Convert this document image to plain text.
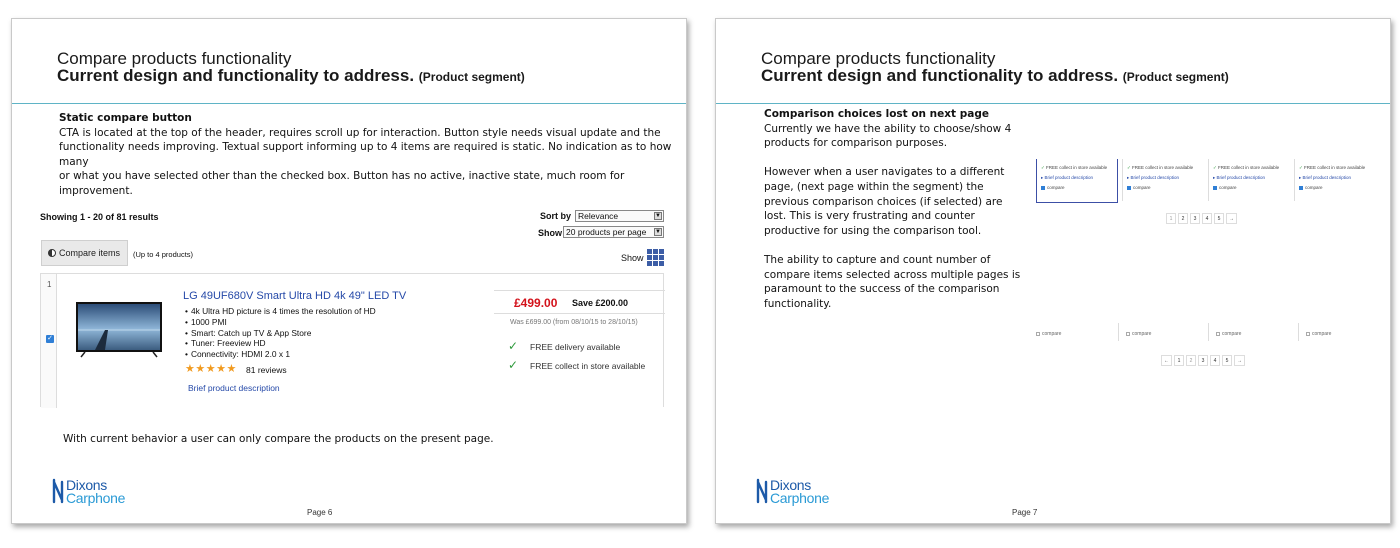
Compare products functionality
Current design and functionality to address. (Product segment)
Static compare button
CTA is located at the top of the header, requires scroll up for interaction. Button style needs visual update and the
functionality needs improving. Textual support informing up to 4 items are required is static. No indication as to how many
or what you have selected other than the checked box. Button has no active, inactive state, much room for improvement.
Showing 1 - 20 of 81 results	Sort by Relevance	▼
Show 20 products per page ▼
Compare items	(Up to 4 products)	Show
1
✓
LG 49UF680V Smart Ultra HD 4k 49" LED TV
• 4k Ultra HD picture is 4 times the resolution of HD
• 1000 PMI
• Smart: Catch up TV & App Store
• Tuner: Freeview HD
• Connectivity: HDMI 2.0 x 1
★★★★★ 81 reviews
Brief product description
£499.00 Save £200.00
Was £699.00 (from 08/10/15 to 28/10/15)
✓ FREE delivery available
✓ FREE collect in store available
With current behavior a user can only compare the products on the present page.
Dixons
Carphone
Page 6
Compare products functionality
Current design and functionality to address. (Product segment)
Comparison choices lost on next page
Currently we have the ability to choose/show 4
products for comparison purposes.
However when a user navigates to a different
page, (next page within the segment) the
previous comparison choices (if selected) are
lost. This is very frustrating and counter
productive for using the comparison tool.
The ability to capture and count number of
compare items selected across multiple pages is
paramount to the success of the comparison
functionality.
✓ FREE collect in store available
▸ Brief product description
compare
✓ FREE collect in store available
▸ Brief product description
compare
✓ FREE collect in store available
▸ Brief product description
compare
✓ FREE collect in store available
▸ Brief product description
compare
1	2	3	4	5	→
compare	compare	compare	compare
←	1	2	3	4	5	→
Dixons
Carphone
Page 7
